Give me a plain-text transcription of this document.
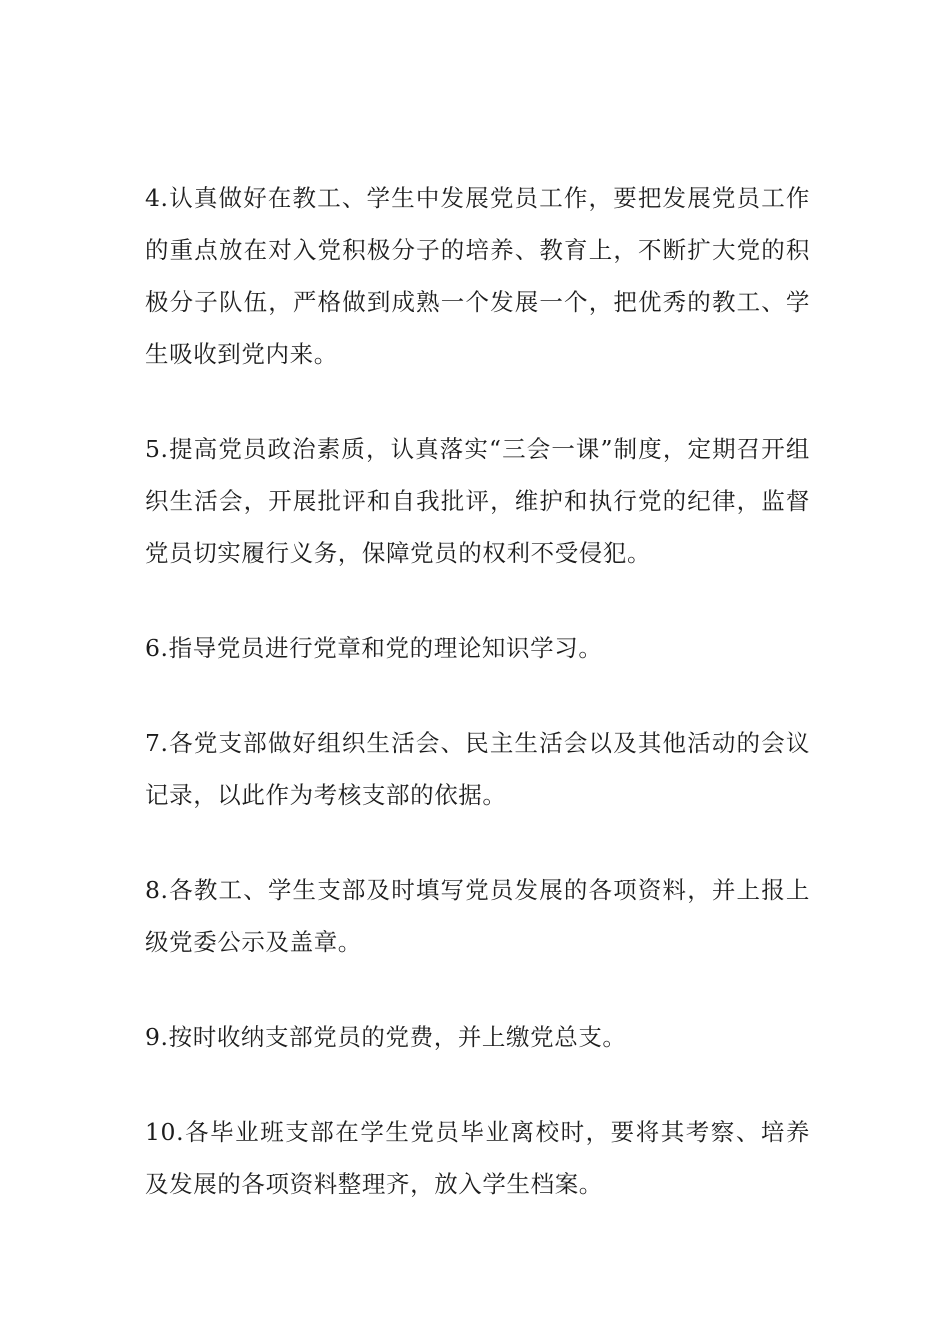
4.认真做好在教工、学生中发展党员工作，要把发展党员工作的重点放在对入党积极分子的培养、教育上，不断扩大党的积极分子队伍，严格做到成熟一个发展一个，把优秀的教工、学生吸收到党内来。

5.提高党员政治素质，认真落实“三会一课”制度，定期召开组织生活会，开展批评和自我批评，维护和执行党的纪律，监督党员切实履行义务，保障党员的权利不受侵犯。

6.指导党员进行党章和党的理论知识学习。

7.各党支部做好组织生活会、民主生活会以及其他活动的会议记录，以此作为考核支部的依据。

8.各教工、学生支部及时填写党员发展的各项资料，并上报上级党委公示及盖章。

9.按时收纳支部党员的党费，并上缴党总支。

10.各毕业班支部在学生党员毕业离校时，要将其考察、培养及发展的各项资料整理齐，放入学生档案。
